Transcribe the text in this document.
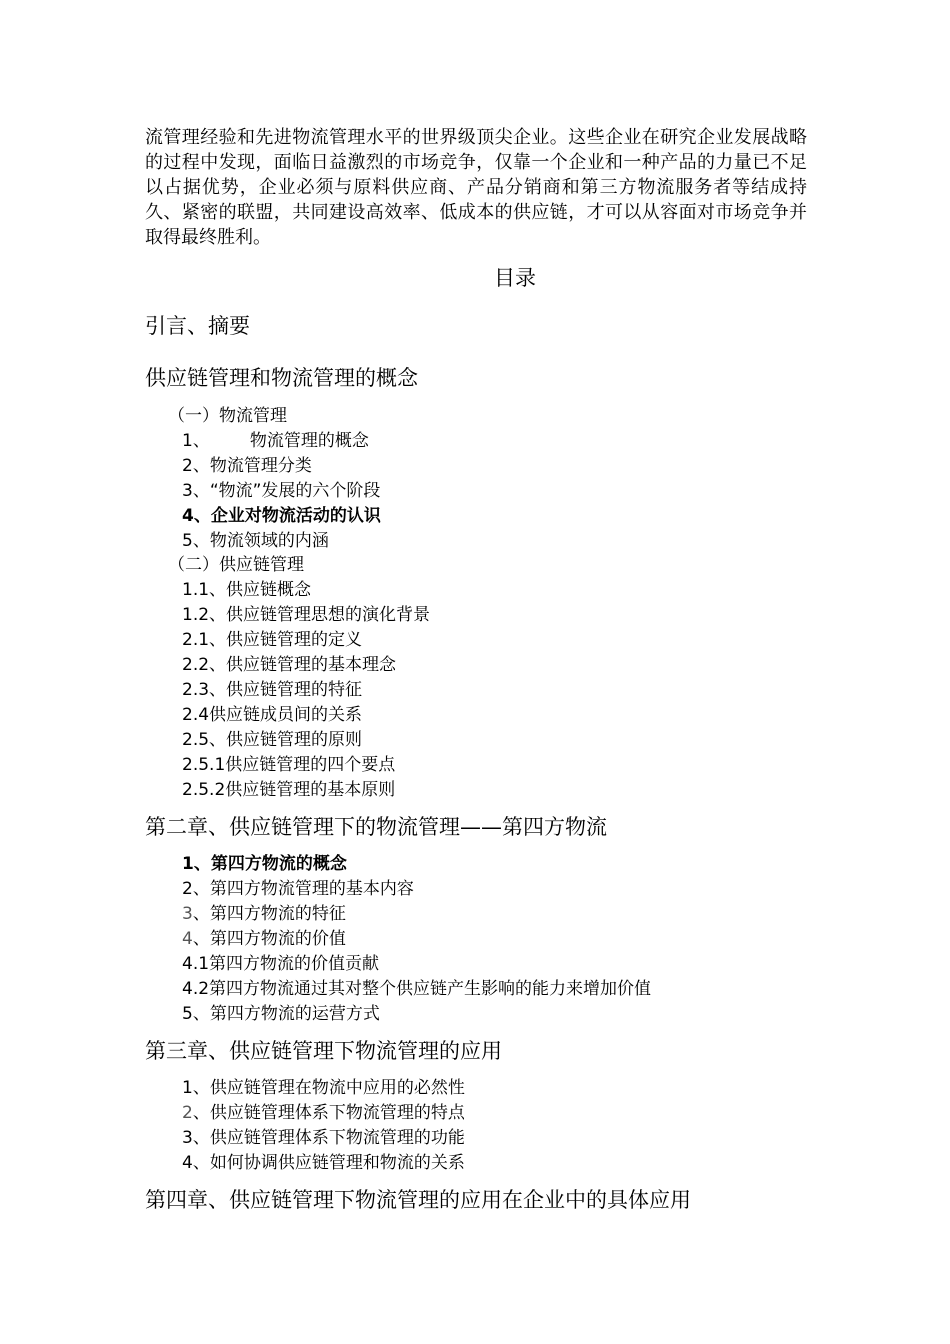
流管理经验和先进物流管理水平的世界级顶尖企业。这些企业在研究企业发展战略的过程中发现，面临日益激烈的市场竞争，仅靠一个企业和一种产品的力量已不足以占据优势，企业必须与原料供应商、产品分销商和第三方物流服务者等结成持久、紧密的联盟，共同建设高效率、低成本的供应链，才可以从容面对市场竞争并取得最终胜利。

目录

引言、摘要

供应链管理和物流管理的概念

（一）物流管理

1、 物流管理的概念

2、物流管理分类

3、“物流”发展的六个阶段

4、企业对物流活动的认识

5、物流领域的内涵

（二）供应链管理

1.1、供应链概念

1.2、供应链管理思想的演化背景

2.1、供应链管理的定义

2.2、供应链管理的基本理念

2.3、供应链管理的特征

2.4供应链成员间的关系

2.5、供应链管理的原则

2.5.1供应链管理的四个要点

2.5.2供应链管理的基本原则

第二章、供应链管理下的物流管理——第四方物流

1、第四方物流的概念

2、第四方物流管理的基本内容

3、第四方物流的特征

4、第四方物流的价值

4.1第四方物流的价值贡献

4.2第四方物流通过其对整个供应链产生影响的能力来增加价值

5、第四方物流的运营方式

第三章、供应链管理下物流管理的应用

1、供应链管理在物流中应用的必然性

2、供应链管理体系下物流管理的特点

3、供应链管理体系下物流管理的功能

4、如何协调供应链管理和物流的关系

第四章、供应链管理下物流管理的应用在企业中的具体应用
